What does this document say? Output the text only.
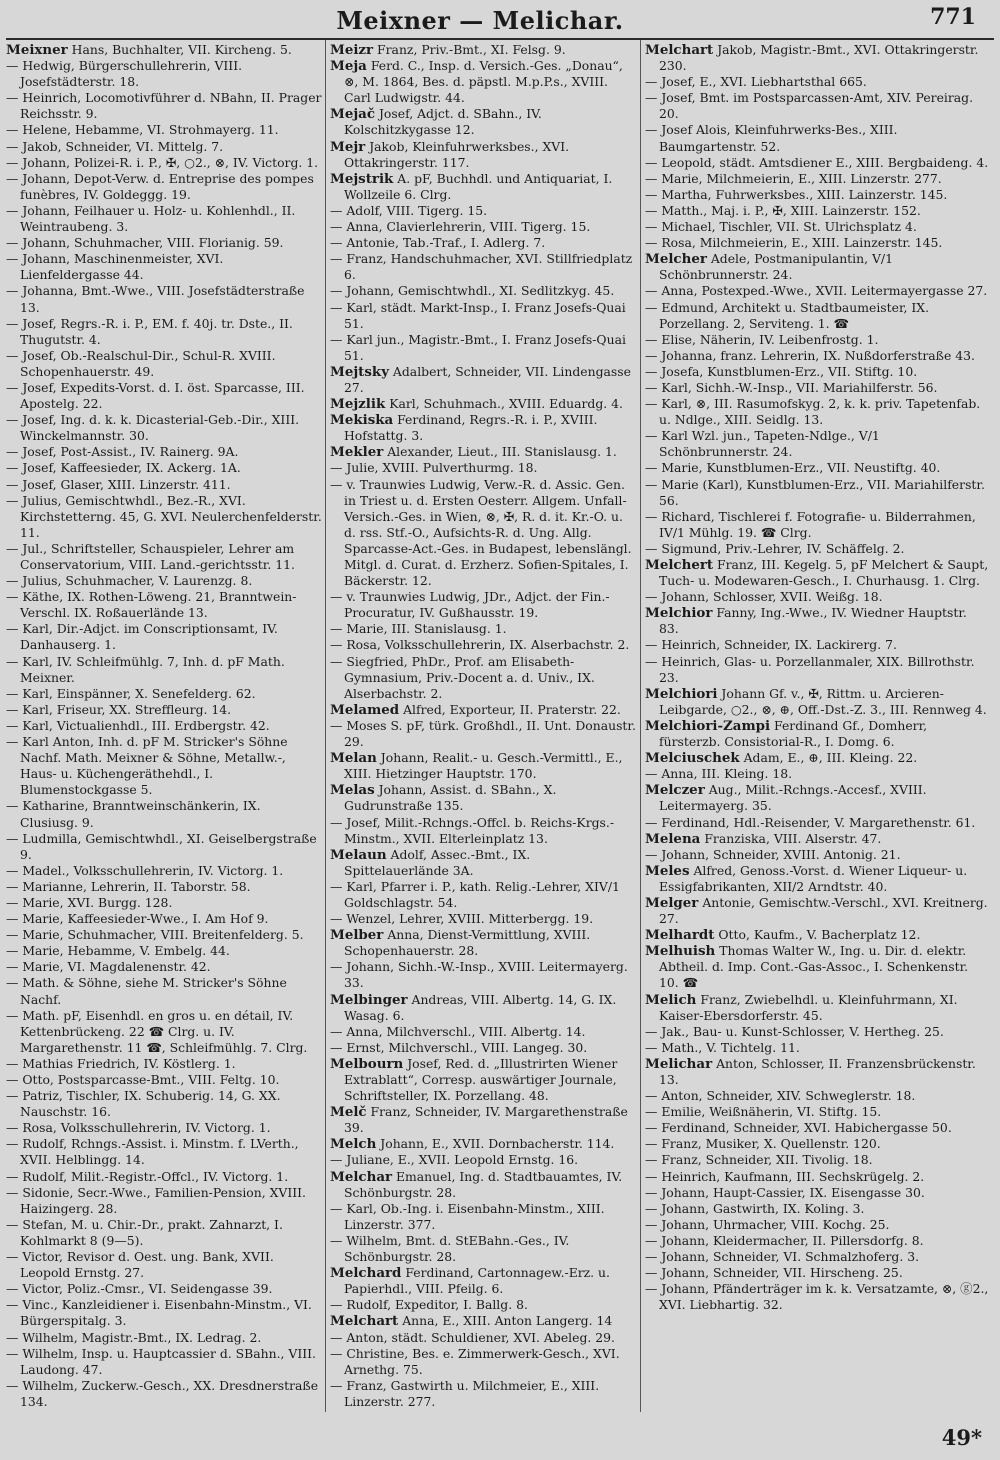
Meixner — Melichar.	771

Meixner Hans, Buchhalter, VII. Kircheng. 5.

— Hedwig, Bürgerschullehrerin, VIII. Josefstädterstr. 18.

— Heinrich, Locomotivführer d. NBahn, II. Prager Reichsstr. 9.

— Helene, Hebamme, VI. Strohmayerg. 11.

— Jakob, Schneider, VI. Mittelg. 7.

— Johann, Polizei-R. i. P., ✠, ○2., ⊗, IV. Victorg. 1.

— Johann, Depot-Verw. d. Entreprise des pompes funèbres, IV. Goldeggg. 19.

— Johann, Feilhauer u. Holz- u. Kohlenhdl., II. Weintraubeng. 3.

— Johann, Schuhmacher, VIII. Florianig. 59.

— Johann, Maschinenmeister, XVI. Lienfeldergasse 44.

— Johanna, Bmt.-Wwe., VIII. Josefstädterstraße 13.

— Josef, Regrs.-R. i. P., EM. f. 40j. tr. Dste., II. Thugutstr. 4.

— Josef, Ob.-Realschul-Dir., Schul-R. XVIII. Schopenhauerstr. 49.

— Josef, Expedits-Vorst. d. I. öst. Sparcasse, III. Apostelg. 22.

— Josef, Ing. d. k. k. Dicasterial-Geb.-Dir., XIII. Winckelmannstr. 30.

— Josef, Post-Assist., IV. Rainerg. 9A.

— Josef, Kaffeesieder, IX. Ackerg. 1A.

— Josef, Glaser, XIII. Linzerstr. 411.

— Julius, Gemischtwhdl., Bez.-R., XVI. Kirchstetterng. 45, G. XVI. Neulerchenfelderstr. 11.

— Jul., Schriftsteller, Schauspieler, Lehrer am Conservatorium, VIII. Land.-gerichtsstr. 11.

— Julius, Schuhmacher, V. Laurenzg. 8.

— Käthe, IX. Rothen-Löweng. 21, Branntwein-Verschl. IX. Roßauerlände 13.

— Karl, Dir.-Adjct. im Conscriptionsamt, IV. Danhauserg. 1.

— Karl, IV. Schleifmühlg. 7, Inh. d. pF Math. Meixner.

— Karl, Einspänner, X. Senefelderg. 62.

— Karl, Friseur, XX. Streffleurg. 14.

— Karl, Victualienhdl., III. Erdbergstr. 42.

— Karl Anton, Inh. d. pF M. Stricker's Söhne Nachf. Math. Meixner & Söhne, Metallw.-, Haus- u. Küchengeräthehdl., I. Blumenstockgasse 5.

— Katharine, Branntweinschänkerin, IX. Clusiusg. 9.

— Ludmilla, Gemischtwhdl., XI. Geiselbergstraße 9.

— Madel., Volksschullehrerin, IV. Victorg. 1.

— Marianne, Lehrerin, II. Taborstr. 58.

— Marie, XVI. Burgg. 128.

— Marie, Kaffeesieder-Wwe., I. Am Hof 9.

— Marie, Schuhmacher, VIII. Breitenfelderg. 5.

— Marie, Hebamme, V. Embelg. 44.

— Marie, VI. Magdalenenstr. 42.

— Math. & Söhne, siehe M. Stricker's Söhne Nachf.

— Math. pF, Eisenhdl. en gros u. en détail, IV. Kettenbrückeng. 22 ☎ Clrg. u. IV. Margarethenstr. 11 ☎, Schleifmühlg. 7. Clrg.

— Mathias Friedrich, IV. Köstlerg. 1.

— Otto, Postsparcasse-Bmt., VIII. Feltg. 10.

— Patriz, Tischler, IX. Schuberig. 14, G. XX. Nauschstr. 16.

— Rosa, Volksschullehrerin, IV. Victorg. 1.

— Rudolf, Rchngs.-Assist. i. Minstm. f. LVerth., XVII. Helblingg. 14.

— Rudolf, Milit.-Registr.-Offcl., IV. Victorg. 1.

— Sidonie, Secr.-Wwe., Familien-Pension, XVIII. Haizingerg. 28.

— Stefan, M. u. Chir.-Dr., prakt. Zahnarzt, I. Kohlmarkt 8 (9—5).

— Victor, Revisor d. Oest. ung. Bank, XVII. Leopold Ernstg. 27.

— Victor, Poliz.-Cmsr., VI. Seidengasse 39.

— Vinc., Kanzleidiener i. Eisenbahn-Minstm., VI. Bürgerspitalg. 3.

— Wilhelm, Magistr.-Bmt., IX. Ledrag. 2.

— Wilhelm, Insp. u. Hauptcassier d. SBahn., VIII. Laudong. 47.

— Wilhelm, Zuckerw.-Gesch., XX. Dresdnerstraße 134.

Meizr Franz, Priv.-Bmt., XI. Felsg. 9.

Meja Ferd. C., Insp. d. Versich.-Ges. „Donau“, ⊗, M. 1864, Bes. d. päpstl. M.p.P.s., XVIII. Carl Ludwigstr. 44.

Mejač Josef, Adjct. d. SBahn., IV. Kolschitzkygasse 12.

Mejr Jakob, Kleinfuhrwerksbes., XVI. Ottakringerstr. 117.

Mejstrik A. pF, Buchhdl. und Antiquariat, I. Wollzeile 6. Clrg.

— Adolf, VIII. Tigerg. 15.

— Anna, Clavierlehrerin, VIII. Tigerg. 15.

— Antonie, Tab.-Traf., I. Adlerg. 7.

— Franz, Handschuhmacher, XVI. Stillfriedplatz 6.

— Johann, Gemischtwhdl., XI. Sedlitzkyg. 45.

— Karl, städt. Markt-Insp., I. Franz Josefs-Quai 51.

— Karl jun., Magistr.-Bmt., I. Franz Josefs-Quai 51.

Mejtsky Adalbert, Schneider, VII. Lindengasse 27.

Mejzlik Karl, Schuhmach., XVIII. Eduardg. 4.

Mekiska Ferdinand, Regrs.-R. i. P., XVIII. Hofstattg. 3.

Mekler Alexander, Lieut., III. Stanislausg. 1.

— Julie, XVIII. Pulverthurmg. 18.

— v. Traunwies Ludwig, Verw.-R. d. Assic. Gen. in Triest u. d. Ersten Oesterr. Allgem. Unfall-Versich.-Ges. in Wien, ⊗, ✠, R. d. it. Kr.-O. u. d. rss. Stf.-O., Aufsichts-R. d. Ung. Allg. Sparcasse-Act.-Ges. in Budapest, lebenslängl. Mitgl. d. Curat. d. Erzherz. Sofien-Spitales, I. Bäckerstr. 12.

— v. Traunwies Ludwig, JDr., Adjct. der Fin.-Procuratur, IV. Gußhausstr. 19.

— Marie, III. Stanislausg. 1.

— Rosa, Volksschullehrerin, IX. Alserbachstr. 2.

— Siegfried, PhDr., Prof. am Elisabeth-Gymnasium, Priv.-Docent a. d. Univ., IX. Alserbachstr. 2.

Melamed Alfred, Exporteur, II. Praterstr. 22.

— Moses S. pF, türk. Großhdl., II. Unt. Donaustr. 29.

Melan Johann, Realit.- u. Gesch.-Vermittl., E., XIII. Hietzinger Hauptstr. 170.

Melas Johann, Assist. d. SBahn., X. Gudrunstraße 135.

— Josef, Milit.-Rchngs.-Offcl. b. Reichs-Krgs.-Minstm., XVII. Elterleinplatz 13.

Melaun Adolf, Assec.-Bmt., IX. Spittelauerlände 3A.

— Karl, Pfarrer i. P., kath. Relig.-Lehrer, XIV/1 Goldschlagstr. 54.

— Wenzel, Lehrer, XVIII. Mitterbergg. 19.

Melber Anna, Dienst-Vermittlung, XVIII. Schopenhauerstr. 28.

— Johann, Sichh.-W.-Insp., XVIII. Leitermayerg. 33.

Melbinger Andreas, VIII. Albertg. 14, G. IX. Wasag. 6.

— Anna, Milchverschl., VIII. Albertg. 14.

— Ernst, Milchverschl., VIII. Langeg. 30.

Melbourn Josef, Red. d. „Illustrirten Wiener Extrablatt“, Corresp. auswärtiger Journale, Schriftsteller, IX. Porzellang. 48.

Melč Franz, Schneider, IV. Margarethenstraße 39.

Melch Johann, E., XVII. Dornbacherstr. 114.

— Juliane, E., XVII. Leopold Ernstg. 16.

Melchar Emanuel, Ing. d. Stadtbauamtes, IV. Schönburgstr. 28.

— Karl, Ob.-Ing. i. Eisenbahn-Minstm., XIII. Linzerstr. 377.

— Wilhelm, Bmt. d. StEBahn.-Ges., IV. Schönburgstr. 28.

Melchard Ferdinand, Cartonnagew.-Erz. u. Papierhdl., VIII. Pfeilg. 6.

— Rudolf, Expeditor, I. Ballg. 8.

Melchart Anna, E., XIII. Anton Langerg. 14

— Anton, städt. Schuldiener, XVI. Abeleg. 29.

— Christine, Bes. e. Zimmerwerk-Gesch., XVI. Arnethg. 75.

— Franz, Gastwirth u. Milchmeier, E., XIII. Linzerstr. 277.

Melchart Jakob, Magistr.-Bmt., XVI. Ottakringerstr. 230.

— Josef, E., XVI. Liebhartsthal 665.

— Josef, Bmt. im Postsparcassen-Amt, XIV. Pereirag. 20.

— Josef Alois, Kleinfuhrwerks-Bes., XIII. Baumgartenstr. 52.

— Leopold, städt. Amtsdiener E., XIII. Bergbaideng. 4.

— Marie, Milchmeierin, E., XIII. Linzerstr. 277.

— Martha, Fuhrwerksbes., XIII. Lainzerstr. 145.

— Matth., Maj. i. P., ✠, XIII. Lainzerstr. 152.

— Michael, Tischler, VII. St. Ulrichsplatz 4.

— Rosa, Milchmeierin, E., XIII. Lainzerstr. 145.

Melcher Adele, Postmanipulantin, V/1 Schönbrunnerstr. 24.

— Anna, Postexped.-Wwe., XVII. Leitermayergasse 27.

— Edmund, Architekt u. Stadtbaumeister, IX. Porzellang. 2, Serviteng. 1. ☎

— Elise, Näherin, IV. Leibenfrostg. 1.

— Johanna, franz. Lehrerin, IX. Nußdorferstraße 43.

— Josefa, Kunstblumen-Erz., VII. Stiftg. 10.

— Karl, Sichh.-W.-Insp., VII. Mariahilferstr. 56.

— Karl, ⊗, III. Rasumofskyg. 2, k. k. priv. Tapetenfab. u. Ndlge., XIII. Seidlg. 13.

— Karl Wzl. jun., Tapeten-Ndlge., V/1 Schönbrunnerstr. 24.

— Marie, Kunstblumen-Erz., VII. Neustiftg. 40.

— Marie (Karl), Kunstblumen-Erz., VII. Mariahilferstr. 56.

— Richard, Tischlerei f. Fotografie- u. Bilderrahmen, IV/1 Mühlg. 19. ☎ Clrg.

— Sigmund, Priv.-Lehrer, IV. Schäffelg. 2.

Melchert Franz, III. Kegelg. 5, pF Melchert & Saupt, Tuch- u. Modewaren-Gesch., I. Churhausg. 1. Clrg.

— Johann, Schlosser, XVII. Weißg. 18.

Melchior Fanny, Ing.-Wwe., IV. Wiedner Hauptstr. 83.

— Heinrich, Schneider, IX. Lackirerg. 7.

— Heinrich, Glas- u. Porzellanmaler, XIX. Billrothstr. 23.

Melchiori Johann Gf. v., ✠, Rittm. u. Arcieren-Leibgarde, ○2., ⊗, ⊕, Off.-Dst.-Z. 3., III. Rennweg 4.

Melchiori-Zampi Ferdinand Gf., Domherr, fürsterzb. Consistorial-R., I. Domg. 6.

Melciuschek Adam, E., ⊕, III. Kleing. 22.

— Anna, III. Kleing. 18.

Melczer Aug., Milit.-Rchngs.-Accesf., XVIII. Leitermayerg. 35.

— Ferdinand, Hdl.-Reisender, V. Margarethenstr. 61.

Melena Franziska, VIII. Alserstr. 47.

— Johann, Schneider, XVIII. Antonig. 21.

Meles Alfred, Genoss.-Vorst. d. Wiener Liqueur- u. Essigfabrikanten, XII/2 Arndtstr. 40.

Melger Antonie, Gemischtw.-Verschl., XVI. Kreitnerg. 27.

Melhardt Otto, Kaufm., V. Bacherplatz 12.

Melhuish Thomas Walter W., Ing. u. Dir. d. elektr. Abtheil. d. Imp. Cont.-Gas-Assoc., I. Schenkenstr. 10. ☎

Melich Franz, Zwiebelhdl. u. Kleinfuhrmann, XI. Kaiser-Ebersdorferstr. 45.

— Jak., Bau- u. Kunst-Schlosser, V. Hertheg. 25.

— Math., V. Tichtelg. 11.

Melichar Anton, Schlosser, II. Franzensbrückenstr. 13.

— Anton, Schneider, XIV. Schweglerstr. 18.

— Emilie, Weißnäherin, VI. Stiftg. 15.

— Ferdinand, Schneider, XVI. Habichergasse 50.

— Franz, Musiker, X. Quellenstr. 120.

— Franz, Schneider, XII. Tivolig. 18.

— Heinrich, Kaufmann, III. Sechskrügelg. 2.

— Johann, Haupt-Cassier, IX. Eisengasse 30.

— Johann, Gastwirth, IX. Koling. 3.

— Johann, Uhrmacher, VIII. Kochg. 25.

— Johann, Kleidermacher, II. Pillersdorfg. 8.

— Johann, Schneider, VI. Schmalzhoferg. 3.

— Johann, Schneider, VII. Hirscheng. 25.

— Johann, Pfänderträger im k. k. Versatzamte, ⊗, ⓖ2., XVI. Liebhartig. 32.

49*
